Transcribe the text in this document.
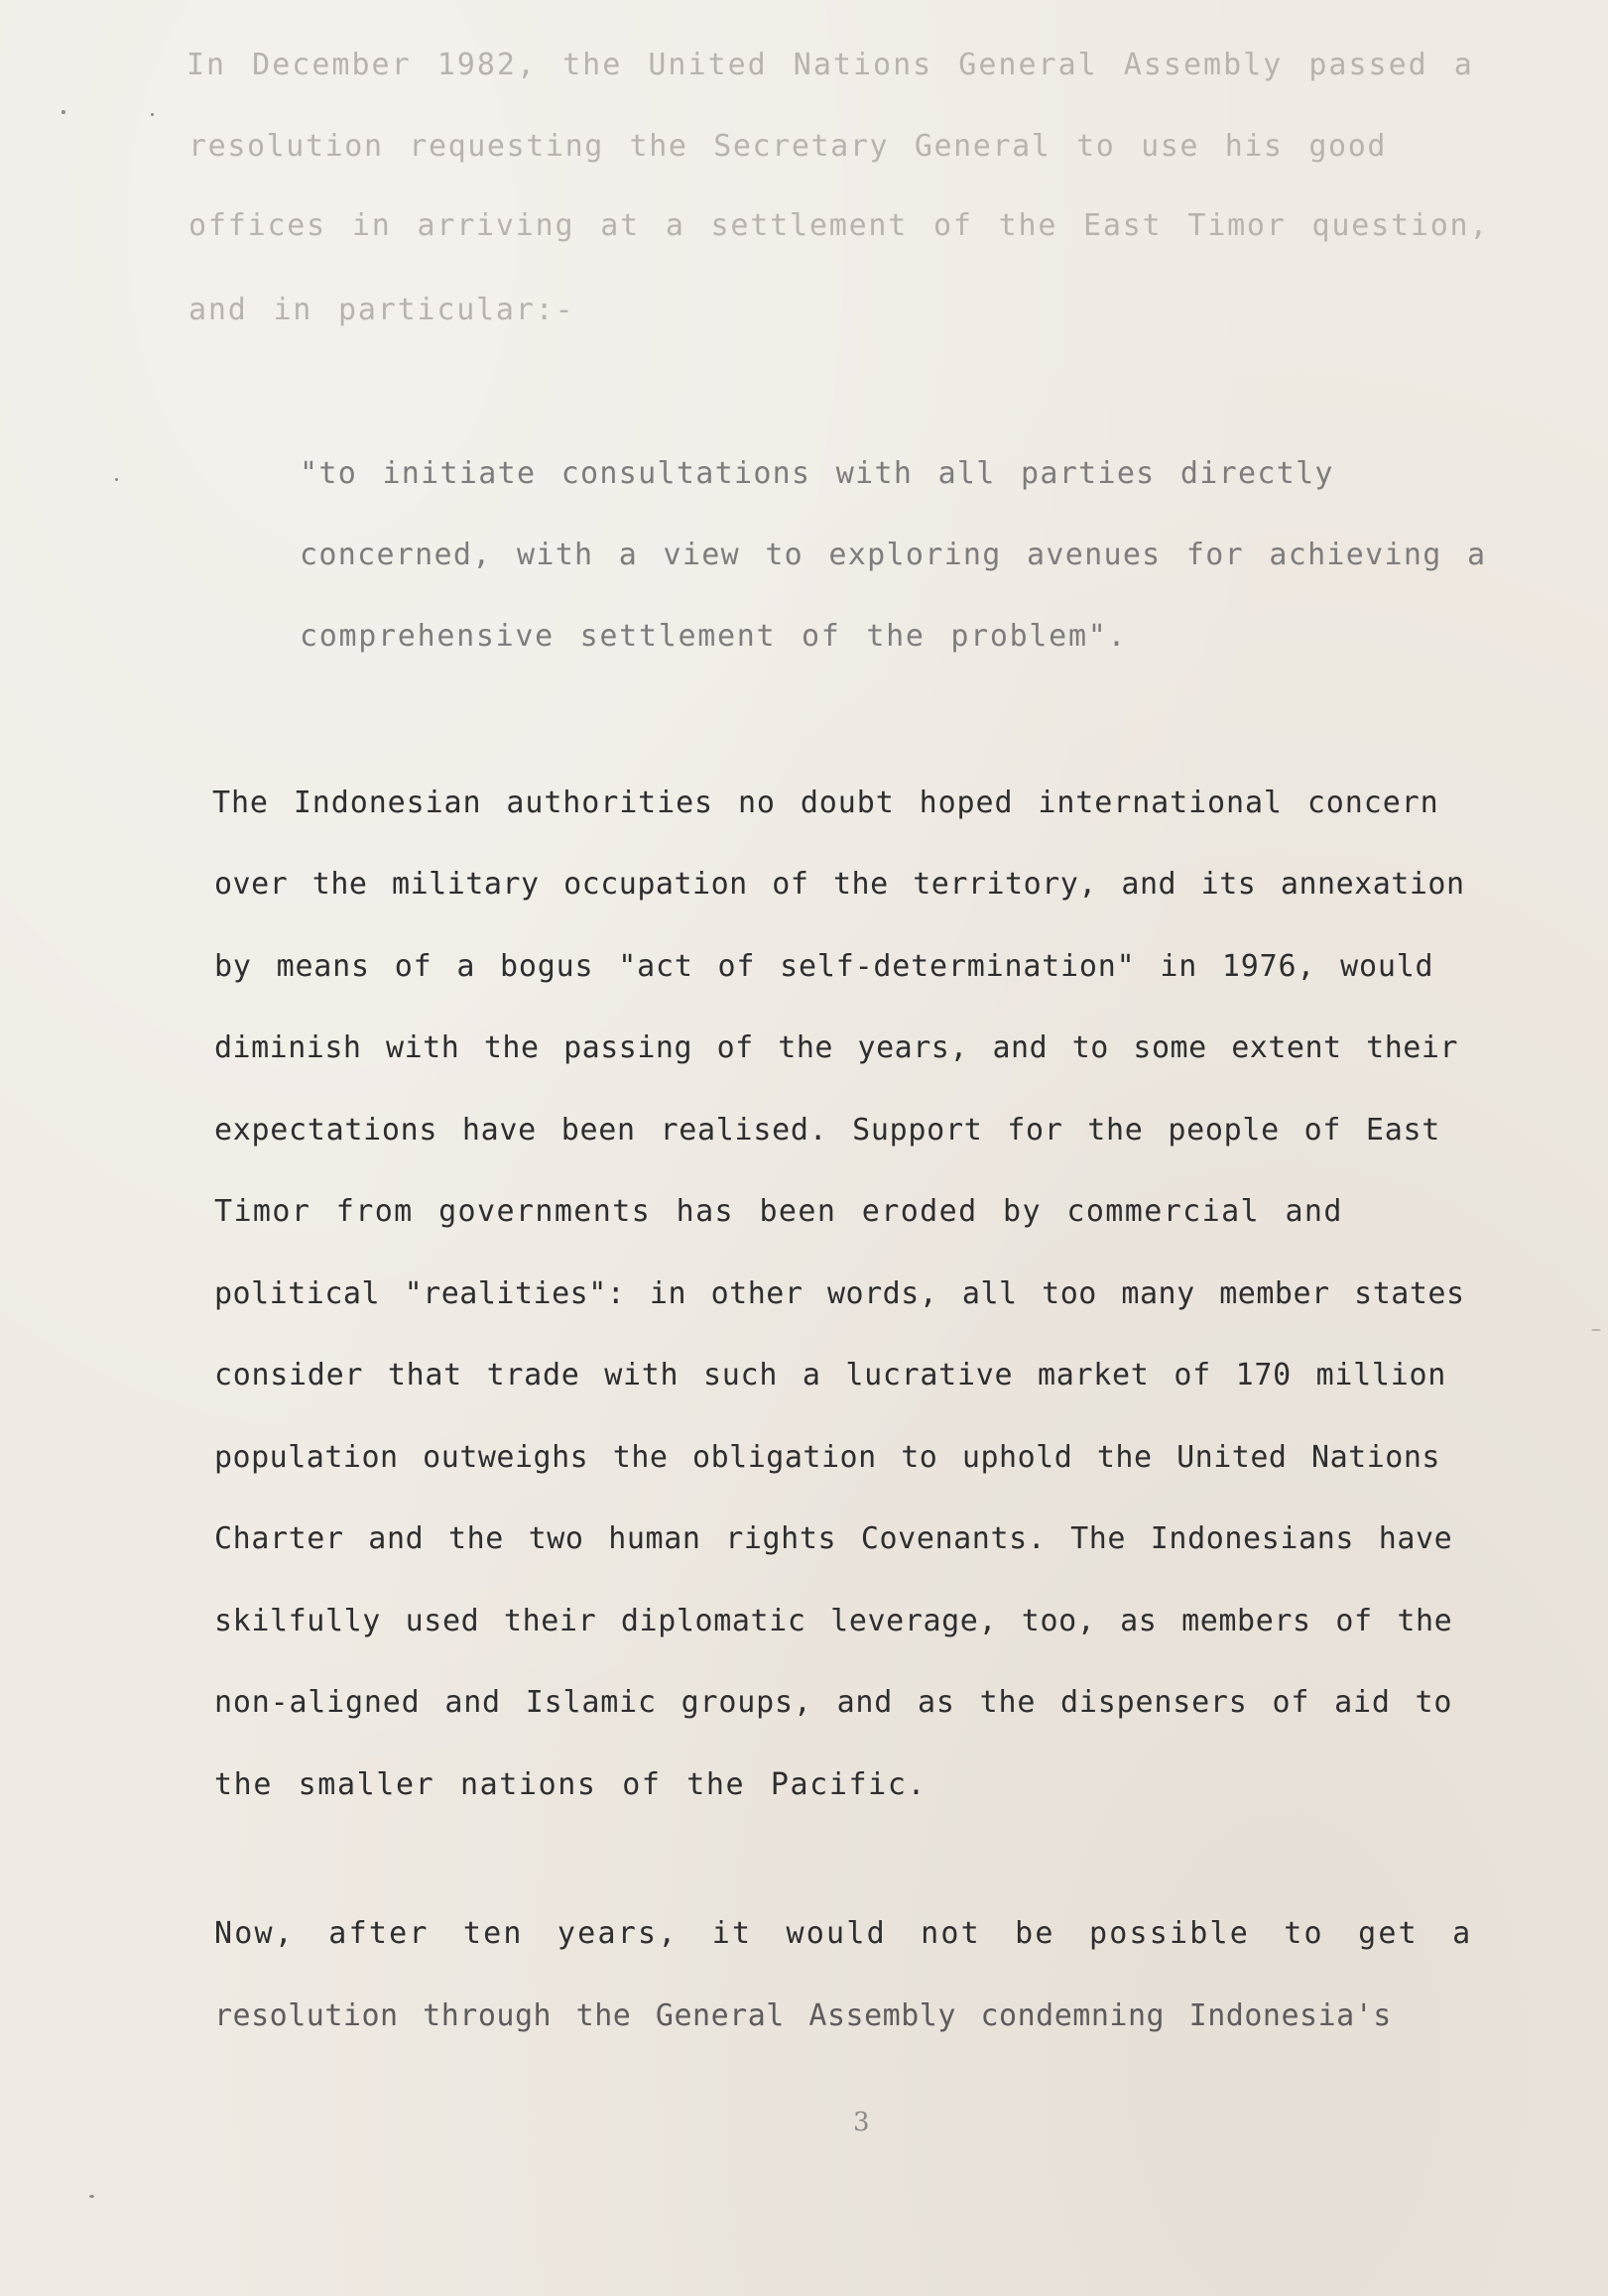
In December 1982, the United Nations General Assembly passed a

resolution requesting the Secretary General to use his good

offices in arriving at a settlement of the East Timor question,

and in particular:-

"to initiate consultations with all parties directly

concerned, with a view to exploring avenues for achieving a

comprehensive settlement of the problem".

The Indonesian authorities no doubt hoped international concern

over the military occupation of the territory, and its annexation

by means of a bogus "act of self-determination" in 1976, would

diminish with the passing of the years, and to some extent their

expectations have been realised. Support for the people of East

Timor from governments has been eroded by commercial and

political "realities": in other words, all too many member states

consider that trade with such a lucrative market of 170 million

population outweighs the obligation to uphold the United Nations

Charter and the two human rights Covenants. The Indonesians have

skilfully used their diplomatic leverage, too, as members of the

non-aligned and Islamic groups, and as the dispensers of aid to

the smaller nations of the Pacific.

Now, after ten years, it would not be possible to get a

resolution through the General Assembly condemning Indonesia's

3
